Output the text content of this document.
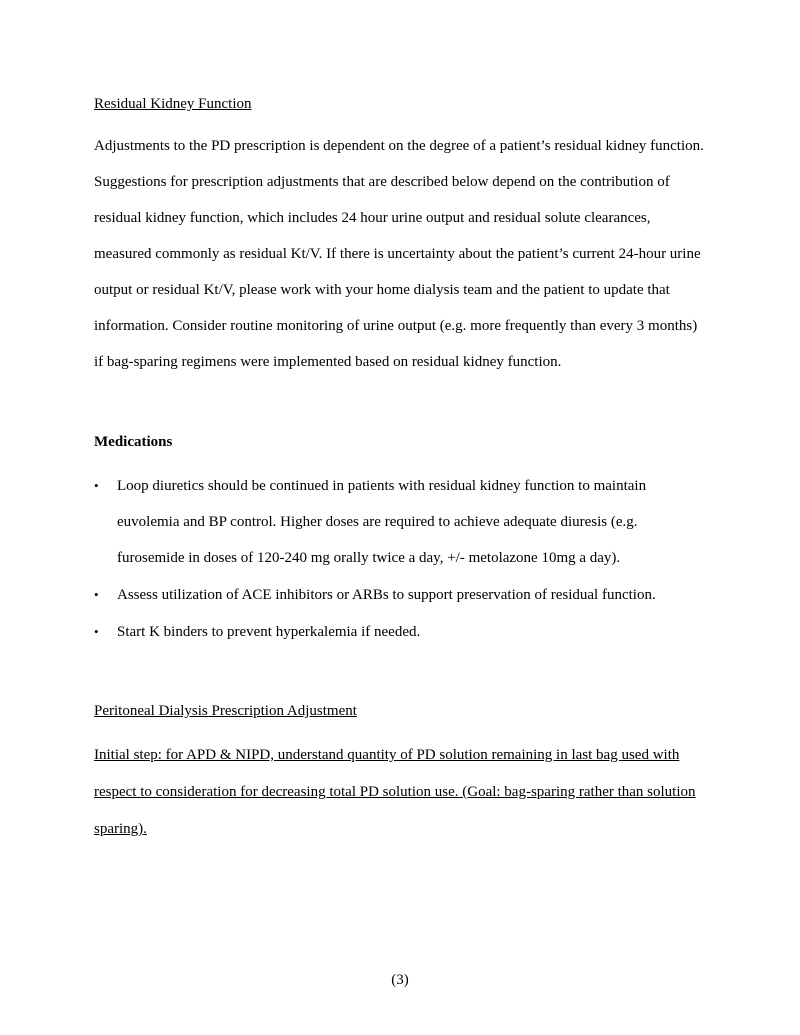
Residual Kidney Function

Adjustments to the PD prescription is dependent on the degree of a patient’s residual kidney function. Suggestions for prescription adjustments that are described below depend on the contribution of residual kidney function, which includes 24 hour urine output and residual solute clearances, measured commonly as residual Kt/V. If there is uncertainty about the patient’s current 24-hour urine output or residual Kt/V, please work with your home dialysis team and the patient to update that information. Consider routine monitoring of urine output (e.g. more frequently than every 3 months) if bag-sparing regimens were implemented based on residual kidney function.

Medications

• Loop diuretics should be continued in patients with residual kidney function to maintain euvolemia and BP control. Higher doses are required to achieve adequate diuresis (e.g. furosemide in doses of 120-240 mg orally twice a day, +/- metolazone 10mg a day).
• Assess utilization of ACE inhibitors or ARBs to support preservation of residual function.
• Start K binders to prevent hyperkalemia if needed.

Peritoneal Dialysis Prescription Adjustment

Initial step: for APD & NIPD, understand quantity of PD solution remaining in last bag used with respect to consideration for decreasing total PD solution use. (Goal: bag-sparing rather than solution sparing).

(3)
